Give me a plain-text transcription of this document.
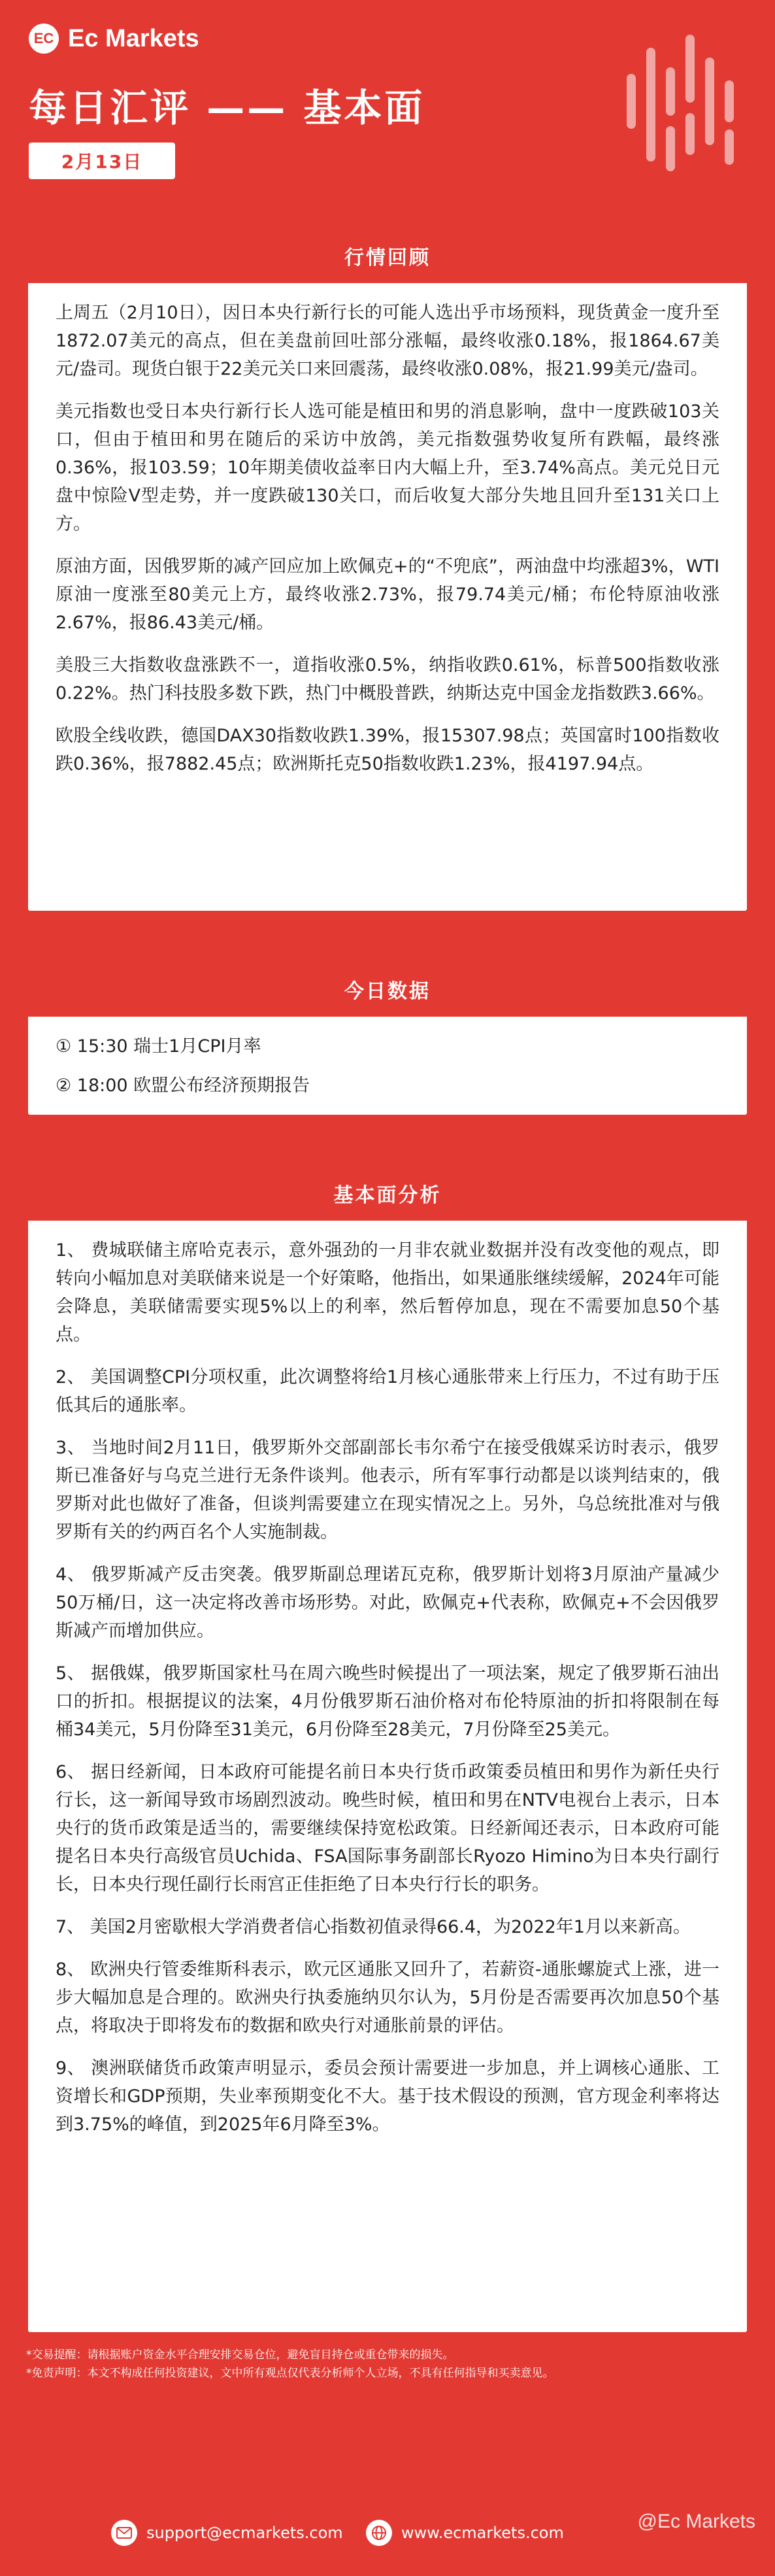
EC Ec Markets
每日汇评 —— 基本面
2月13日
行情回顾

上周五（2月10日），因日本央行新行长的可能人选出乎市场预料，现货黄金一度升至1872.07美元的高点，但在美盘前回吐部分涨幅，最终收涨0.18%，报1864.67美元/盎司。现货白银于22美元关口来回震荡，最终收涨0.08%，报21.99美元/盎司。

美元指数也受日本央行新行长人选可能是植田和男的消息影响，盘中一度跌破103关口，但由于植田和男在随后的采访中放鸽，美元指数强势收复所有跌幅，最终涨0.36%，报103.59；10年期美债收益率日内大幅上升，至3.74%高点。美元兑日元盘中惊险V型走势，并一度跌破130关口，而后收复大部分失地且回升至131关口上方。

原油方面，因俄罗斯的减产回应加上欧佩克+的“不兜底”，两油盘中均涨超3%，WTI原油一度涨至80美元上方，最终收涨2.73%，报79.74美元/桶；布伦特原油收涨2.67%，报86.43美元/桶。

美股三大指数收盘涨跌不一，道指收涨0.5%，纳指收跌0.61%，标普500指数收涨0.22%。热门科技股多数下跌，热门中概股普跌，纳斯达克中国金龙指数跌3.66%。

欧股全线收跌，德国DAX30指数收跌1.39%，报15307.98点；英国富时100指数收跌0.36%，报7882.45点；欧洲斯托克50指数收跌1.23%，报4197.94点。

今日数据
① 15:30 瑞士1月CPI月率
② 18:00 欧盟公布经济预期报告
基本面分析

1、 费城联储主席哈克表示，意外强劲的一月非农就业数据并没有改变他的观点，即转向小幅加息对美联储来说是一个好策略，他指出，如果通胀继续缓解，2024年可能会降息，美联储需要实现5%以上的利率，然后暂停加息，现在不需要加息50个基点。

2、 美国调整CPI分项权重，此次调整将给1月核心通胀带来上行压力，不过有助于压低其后的通胀率。

3、 当地时间2月11日，俄罗斯外交部副部长韦尔希宁在接受俄媒采访时表示，俄罗斯已准备好与乌克兰进行无条件谈判。他表示，所有军事行动都是以谈判结束的，俄罗斯对此也做好了准备，但谈判需要建立在现实情况之上。另外，乌总统批准对与俄罗斯有关的约两百名个人实施制裁。

4、 俄罗斯减产反击突袭。俄罗斯副总理诺瓦克称，俄罗斯计划将3月原油产量减少50万桶/日，这一决定将改善市场形势。对此，欧佩克+代表称，欧佩克+不会因俄罗斯减产而增加供应。

5、 据俄媒，俄罗斯国家杜马在周六晚些时候提出了一项法案，规定了俄罗斯石油出口的折扣。根据提议的法案，4月份俄罗斯石油价格对布伦特原油的折扣将限制在每桶34美元，5月份降至31美元，6月份降至28美元，7月份降至25美元。

6、 据日经新闻，日本政府可能提名前日本央行货币政策委员植田和男作为新任央行行长，这一新闻导致市场剧烈波动。晚些时候，植田和男在NTV电视台上表示，日本央行的货币政策是适当的，需要继续保持宽松政策。日经新闻还表示，日本政府可能提名日本央行高级官员Uchida、FSA国际事务副部长Ryozo Himino为日本央行副行长，日本央行现任副行长雨宫正佳拒绝了日本央行行长的职务。

7、 美国2月密歇根大学消费者信心指数初值录得66.4，为2022年1月以来新高。

8、 欧洲央行管委维斯科表示，欧元区通胀又回升了，若薪资-通胀螺旋式上涨，进一步大幅加息是合理的。欧洲央行执委施纳贝尔认为，5月份是否需要再次加息50个基点，将取决于即将发布的数据和欧央行对通胀前景的评估。

9、 澳洲联储货币政策声明显示，委员会预计需要进一步加息，并上调核心通胀、工资增长和GDP预期，失业率预期变化不大。基于技术假设的预测，官方现金利率将达到3.75%的峰值，到2025年6月降至3%。

*交易提醒：请根据账户资金水平合理安排交易仓位，避免盲目持仓或重仓带来的损失。
*免责声明：本文不构成任何投资建议，文中所有观点仅代表分析师个人立场，不具有任何指导和买卖意见。
support@ecmarkets.com	www.ecmarkets.com
@Ec Markets
